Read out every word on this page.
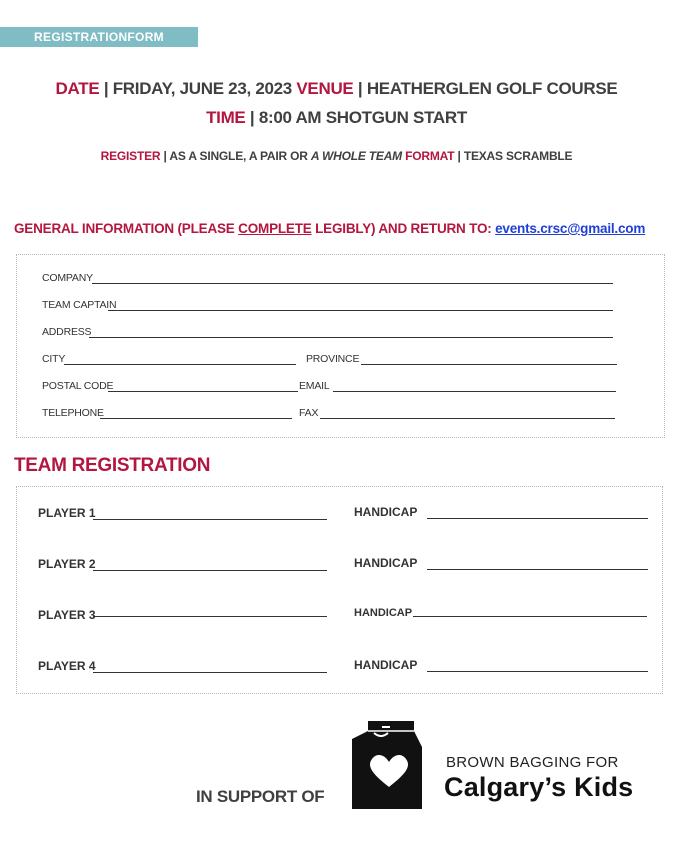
REGISTRATIONFORM
DATE | FRIDAY, JUNE 23, 2023 VENUE | HEATHERGLEN GOLF COURSE
TIME | 8:00 AM SHOTGUN START
REGISTER | AS A SINGLE, A PAIR OR A WHOLE TEAM FORMAT | TEXAS SCRAMBLE
GENERAL INFORMATION (PLEASE COMPLETE LEGIBLY) AND RETURN TO: events.crsc@gmail.com
COMPANY
TEAM CAPTAIN
ADDRESS
CITY	PROVINCE
POSTAL CODE	EMAIL
TELEPHONE	FAX
TEAM REGISTRATION
PLAYER 1	HANDICAP
PLAYER 2	HANDICAP
PLAYER 3	HANDICAP
PLAYER 4	HANDICAP
IN SUPPORT OF
BROWN BAGGING FOR
Calgary’s Kids
